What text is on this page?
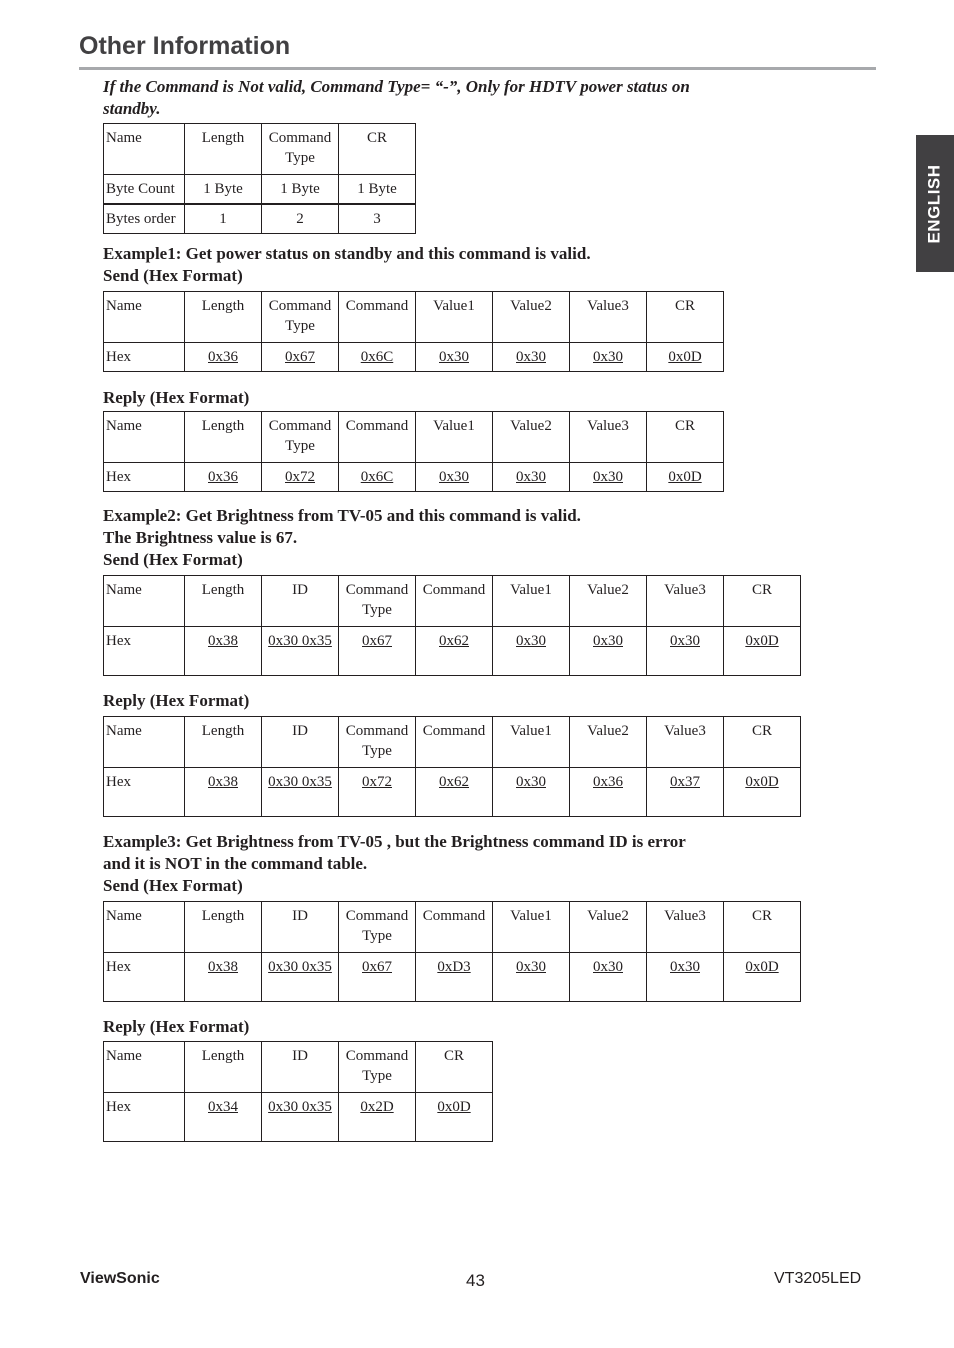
Other Information
ENGLISH

If the Command is Not valid, Command Type= “-”, Only for HDTV power status on

standby.

Name	Length	Command Type	CR
Byte Count	1 Byte	1 Byte	1 Byte
Bytes order	1	2	3

Example1: Get power status on standby and this command is valid.

Send (Hex Format)

Name	Length	Command Type	Command	Value1	Value2	Value3	CR
Hex	0x36	0x67	0x6C	0x30	0x30	0x30	0x0D

Reply (Hex Format)

Name	Length	Command Type	Command	Value1	Value2	Value3	CR
Hex	0x36	0x72	0x6C	0x30	0x30	0x30	0x0D

Example2: Get Brightness from TV-05 and this command is valid.

The Brightness value is 67.

Send (Hex Format)

Name	Length	ID	Command Type	Command	Value1	Value2	Value3	CR
Hex	0x38	0x30 0x35	0x67	0x62	0x30	0x30	0x30	0x0D

Reply (Hex Format)

Name	Length	ID	Command Type	Command	Value1	Value2	Value3	CR
Hex	0x38	0x30 0x35	0x72	0x62	0x30	0x36	0x37	0x0D

Example3: Get Brightness from TV-05 , but the Brightness command ID is error

and it is NOT in the command table.

Send (Hex Format)

Name	Length	ID	Command Type	Command	Value1	Value2	Value3	CR
Hex	0x38	0x30 0x35	0x67	0xD3	0x30	0x30	0x30	0x0D

Reply (Hex Format)

Name	Length	ID	Command Type	CR
Hex	0x34	0x30 0x35	0x2D	0x0D
ViewSonic	43	VT3205LED
